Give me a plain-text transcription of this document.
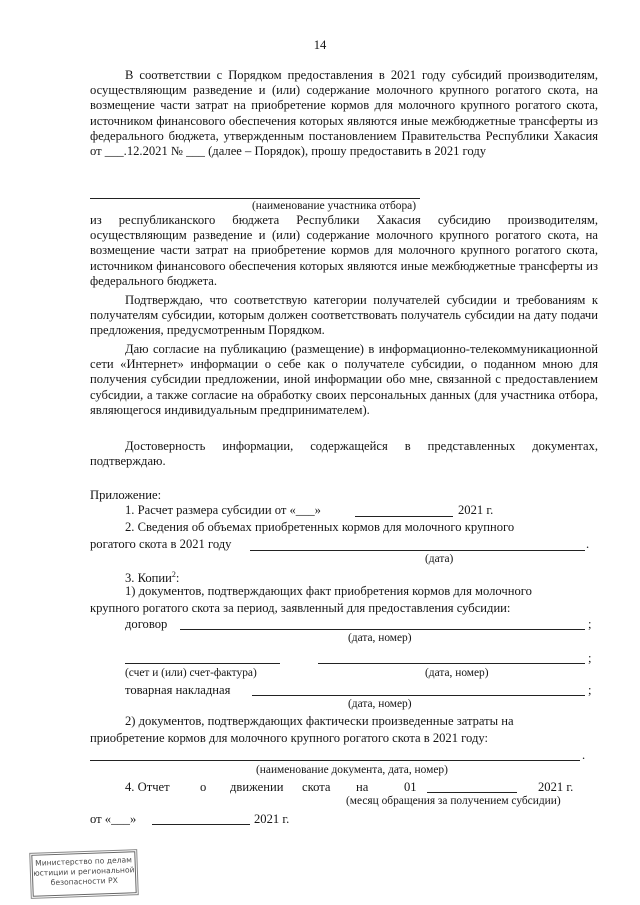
14

В соответствии с Порядком предоставления в 2021 году субсидий производителям, осуществляющим разведение и (или) содержание молочного крупного рогатого скота, на возмещение части затрат на приобретение кормов для молочного крупного рогатого скота, источником финансового обеспечения которых являются иные межбюджетные трансферты из федерального бюджета, утвержденным постановлением Правительства Республики Хакасия от ___.12.2021 № ___ (далее – Порядок), прошу предоставить в 2021 году

(наименование участника отбора)

из республиканского бюджета Республики Хакасия субсидию производителям, осуществляющим разведение и (или) содержание молочного крупного рогатого скота, на возмещение части затрат на приобретение кормов для молочного крупного рогатого скота, источником финансового обеспечения которых являются иные межбюджетные трансферты из федерального бюджета.

Подтверждаю, что соответствую категории получателей субсидии и требованиям к получателям субсидии, которым должен соответствовать получатель субсидии на дату подачи предложения, предусмотренным Порядком.

Даю согласие на публикацию (размещение) в информационно-телекоммуникационной сети «Интернет» информации о себе как о получателе субсидии, о поданном мною для получения субсидии предложении, иной информации обо мне, связанной с предоставлением субсидии, а также согласие на обработку своих персональных данных (для участника отбора, являющегося индивидуальным предпринимателем).

Достоверность информации, содержащейся в представленных документах, подтверждаю.

Приложение:
1. Расчет размера субсидии от «___»	2021 г.
2. Сведения об объемах приобретенных кормов для молочного крупного
рогатого скота в 2021 году	.
(дата)
3. Копии$^2$:
1) документов, подтверждающих факт приобретения кормов для молочного
крупного рогатого скота за период, заявленный для предоставления субсидии:
договор	;
(дата, номер)
;
(счет и (или) счет-фактура)	(дата, номер)
товарная накладная	;
(дата, номер)
2) документов, подтверждающих фактически произведенные затраты на
приобретение кормов для молочного крупного рогатого скота в 2021 году:
.
(наименование документа, дата, номер)
4. Отчет о движении скота на	01	2021 г.
(месяц обращения за получением субсидии)
от «___»	2021 г.
Министерство по делам
юстиции и региональной
безопасности РХ
